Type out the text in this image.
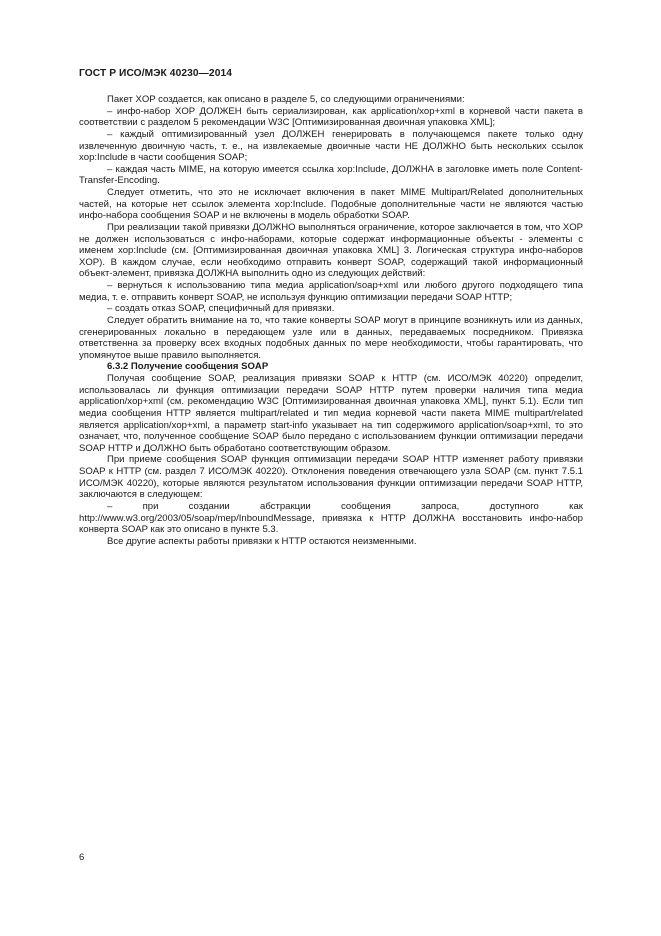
ГОСТ Р ИСО/МЭК 40230—2014

Пакет XOP создается, как описано в разделе 5, со следующими ограничениями:

– инфо-набор XOP ДОЛЖЕН быть сериализирован, как application/xop+xml в корневой части пакета в соответствии с разделом 5 рекомендации W3C [Оптимизированная двоичная упаковка XML];

– каждый оптимизированный узел ДОЛЖЕН генерировать в получающемся пакете только одну извлеченную двоичную часть, т. е., на извлекаемые двоичные части НЕ ДОЛЖНО быть нескольких ссылок xop:Include в части сообщения SOAP;

– каждая часть MIME, на которую имеется ссылка xop:Include, ДОЛЖНА в заголовке иметь поле Content-Transfer-Encoding.

Следует отметить, что это не исключает включения в пакет MIME Multipart/Related дополнительных частей, на которые нет ссылок элемента xop:Include. Подобные дополнительные части не являются частью инфо-набора сообщения SOAP и не включены в модель обработки SOAP.

При реализации такой привязки ДОЛЖНО выполняться ограничение, которое заключается в том, что XOP не должен использоваться с инфо-наборами, которые содержат информационные объекты - элементы с именем xop:Include (см. [Оптимизированная двоичная упаковка XML] 3. Логическая структура инфо-наборов XOP). В каждом случае, если необходимо отправить конверт SOAP, содержащий такой информационный объект-элемент, привязка ДОЛЖНА выполнить одно из следующих действий:

– вернуться к использованию типа медиа application/soap+xml или любого другого подходящего типа медиа, т. е. отправить конверт SOAP, не используя функцию оптимизации передачи SOAP HTTP;

– создать отказ SOAP, специфичный для привязки.

Следует обратить внимание на то, что такие конверты SOAP могут в принципе возникнуть или из данных, сгенерированных локально в передающем узле или в данных, передаваемых посредником. Привязка ответственна за проверку всех входных подобных данных по мере необходимости, чтобы гарантировать, что упомянутое выше правило выполняется.

6.3.2 Получение сообщения SOAP

Получая сообщение SOAP, реализация привязки SOAP к HTTP (см. ИСО/МЭК 40220) определит, использовалась ли функция оптимизации передачи SOAP HTTP путем проверки наличия типа медиа application/xop+xml (см. рекомендацию W3C [Оптимизированная двоичная упаковка XML], пункт 5.1). Если тип медиа сообщения HTTP является multipart/related и тип медиа корневой части пакета MIME multipart/related является application/xop+xml, а параметр start-info указывает на тип содержимого application/soap+xml, то это означает, что, полученное сообщение SOAP было передано с использованием функции оптимизации передачи SOAP HTTP и ДОЛЖНО быть обработано соответствующим образом.

При приеме сообщения SOAP функция оптимизации передачи SOAP HTTP изменяет работу привязки SOAP к HTTP (см. раздел 7 ИСО/МЭК 40220). Отклонения поведения отвечающего узла SOAP (см. пункт 7.5.1 ИСО/МЭК 40220), которые являются результатом использования функции оптимизации передачи SOAP HTTP, заключаются в следующем:

– при создании абстракции сообщения запроса, доступного как http://www.w3.org/2003/05/soap/mep/InboundMessage, привязка к HTTP ДОЛЖНА восстановить инфо-набор конверта SOAP как это описано в пункте 5.3.

Все другие аспекты работы привязки к HTTP остаются неизменными.

6
